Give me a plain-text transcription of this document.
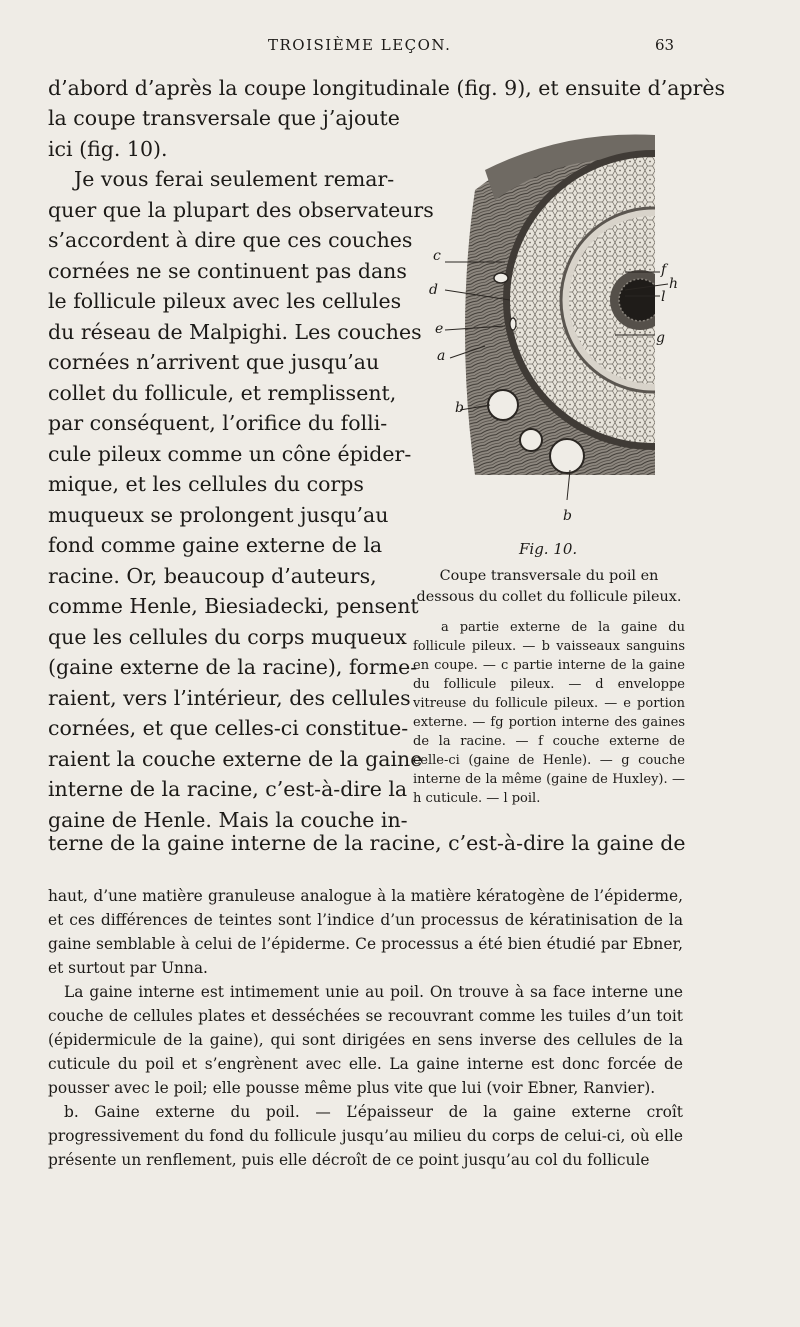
TROISIÈME LEÇON.	63
d’abord d’après la coupe longitudinale (fig. 9), et ensuite d’après
la coupe transversale que j’ajoute
ici (fig. 10).
Je vous ferai seulement remar-
quer que la plupart des observateurs
s’accordent à dire que ces couches
cornées ne se continuent pas dans
le follicule pileux avec les cellules
du réseau de Malpighi. Les couches
cornées n’arrivent que jusqu’au
collet du follicule, et remplissent,
par conséquent, l’orifice du folli-
cule pileux comme un cône épider-
mique, et les cellules du corps
muqueux se prolongent jusqu’au
fond comme gaine externe de la
racine. Or, beaucoup d’auteurs,
comme Henle, Biesiadecki, pensent
que les cellules du corps muqueux
(gaine externe de la racine), forme-
raient, vers l’intérieur, des cellules
cornées, et que celles-ci constitue-
raient la couche externe de la gaine
interne de la racine, c’est-à-dire la
gaine de Henle. Mais la couche in-
terne de la gaine interne de la racine, c’est-à-dire la gaine de
c
d
e
a
b
f
h
l
g
b
Fig. 10.
Coupe transversale du poil en dessous du collet du follicule pileux.

a partie externe de la gaine du follicule pileux. — b vaisseaux sanguins en coupe. — c partie interne de la gaine du follicule pileux. — d enveloppe vitreuse du follicule pileux. — e portion externe. — fg portion interne des gaines de la racine. — f couche externe de celle-ci (gaine de Henle). — g couche interne de la même (gaine de Huxley). — h cuticule. — l poil.

haut, d’une matière granuleuse analogue à la matière kératogène de l’épiderme, et ces différences de teintes sont l’indice d’un processus de kératinisation de la gaine semblable à celui de l’épiderme. Ce processus a été bien étudié par Ebner, et surtout par Unna.

La gaine interne est intimement unie au poil. On trouve à sa face interne une couche de cellules plates et desséchées se recouvrant comme les tuiles d’un toit (épidermicule de la gaine), qui sont dirigées en sens inverse des cellules de la cuticule du poil et s’engrènent avec elle. La gaine interne est donc forcée de pousser avec le poil; elle pousse même plus vite que lui (voir Ebner, Ranvier).

b. Gaine externe du poil. — L’épaisseur de la gaine externe croît progressivement du fond du follicule jusqu’au milieu du corps de celui-ci, où elle présente un renflement, puis elle décroît de ce point jusqu’au col du follicule
